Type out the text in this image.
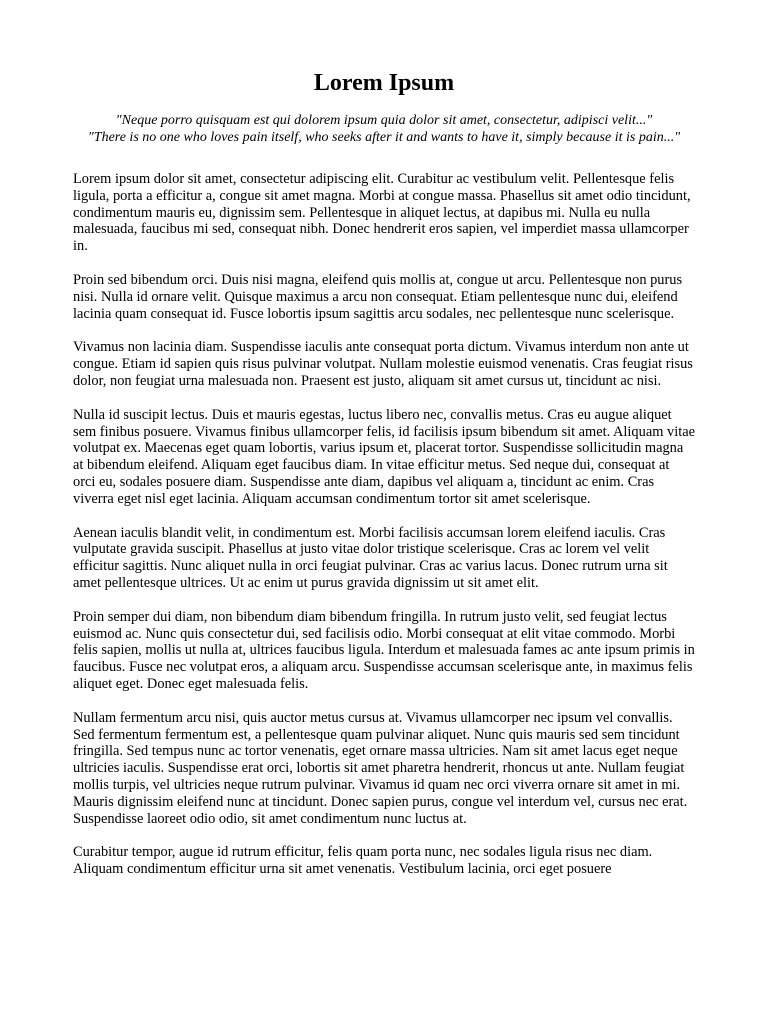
Lorem Ipsum

"Neque porro quisquam est qui dolorem ipsum quia dolor sit amet, consectetur, adipisci velit..."

"There is no one who loves pain itself, who seeks after it and wants to have it, simply because it is pain..."

Lorem ipsum dolor sit amet, consectetur adipiscing elit. Curabitur ac vestibulum velit. Pellentesque felis ligula, porta a efficitur a, congue sit amet magna. Morbi at congue massa. Phasellus sit amet odio tincidunt, condimentum mauris eu, dignissim sem. Pellentesque in aliquet lectus, at dapibus mi. Nulla eu nulla malesuada, faucibus mi sed, consequat nibh. Donec hendrerit eros sapien, vel imperdiet massa ullamcorper in.

Proin sed bibendum orci. Duis nisi magna, eleifend quis mollis at, congue ut arcu. Pellentesque non purus nisi. Nulla id ornare velit. Quisque maximus a arcu non consequat. Etiam pellentesque nunc dui, eleifend lacinia quam consequat id. Fusce lobortis ipsum sagittis arcu sodales, nec pellentesque nunc scelerisque.

Vivamus non lacinia diam. Suspendisse iaculis ante consequat porta dictum. Vivamus interdum non ante ut congue. Etiam id sapien quis risus pulvinar volutpat. Nullam molestie euismod venenatis. Cras feugiat risus dolor, non feugiat urna malesuada non. Praesent est justo, aliquam sit amet cursus ut, tincidunt ac nisi.

Nulla id suscipit lectus. Duis et mauris egestas, luctus libero nec, convallis metus. Cras eu augue aliquet sem finibus posuere. Vivamus finibus ullamcorper felis, id facilisis ipsum bibendum sit amet. Aliquam vitae volutpat ex. Maecenas eget quam lobortis, varius ipsum et, placerat tortor. Suspendisse sollicitudin magna at bibendum eleifend. Aliquam eget faucibus diam. In vitae efficitur metus. Sed neque dui, consequat at orci eu, sodales posuere diam. Suspendisse ante diam, dapibus vel aliquam a, tincidunt ac enim. Cras viverra eget nisl eget lacinia. Aliquam accumsan condimentum tortor sit amet scelerisque.

Aenean iaculis blandit velit, in condimentum est. Morbi facilisis accumsan lorem eleifend iaculis. Cras vulputate gravida suscipit. Phasellus at justo vitae dolor tristique scelerisque. Cras ac lorem vel velit efficitur sagittis. Nunc aliquet nulla in orci feugiat pulvinar. Cras ac varius lacus. Donec rutrum urna sit amet pellentesque ultrices. Ut ac enim ut purus gravida dignissim ut sit amet elit.

Proin semper dui diam, non bibendum diam bibendum fringilla. In rutrum justo velit, sed feugiat lectus euismod ac. Nunc quis consectetur dui, sed facilisis odio. Morbi consequat at elit vitae commodo. Morbi felis sapien, mollis ut nulla at, ultrices faucibus ligula. Interdum et malesuada fames ac ante ipsum primis in faucibus. Fusce nec volutpat eros, a aliquam arcu. Suspendisse accumsan scelerisque ante, in maximus felis aliquet eget. Donec eget malesuada felis.

Nullam fermentum arcu nisi, quis auctor metus cursus at. Vivamus ullamcorper nec ipsum vel convallis. Sed fermentum fermentum est, a pellentesque quam pulvinar aliquet. Nunc quis mauris sed sem tincidunt fringilla. Sed tempus nunc ac tortor venenatis, eget ornare massa ultricies. Nam sit amet lacus eget neque ultricies iaculis. Suspendisse erat orci, lobortis sit amet pharetra hendrerit, rhoncus ut ante. Nullam feugiat mollis turpis, vel ultricies neque rutrum pulvinar. Vivamus id quam nec orci viverra ornare sit amet in mi. Mauris dignissim eleifend nunc at tincidunt. Donec sapien purus, congue vel interdum vel, cursus nec erat. Suspendisse laoreet odio odio, sit amet condimentum nunc luctus at.

Curabitur tempor, augue id rutrum efficitur, felis quam porta nunc, nec sodales ligula risus nec diam. Aliquam condimentum efficitur urna sit amet venenatis. Vestibulum lacinia, orci eget posuere
